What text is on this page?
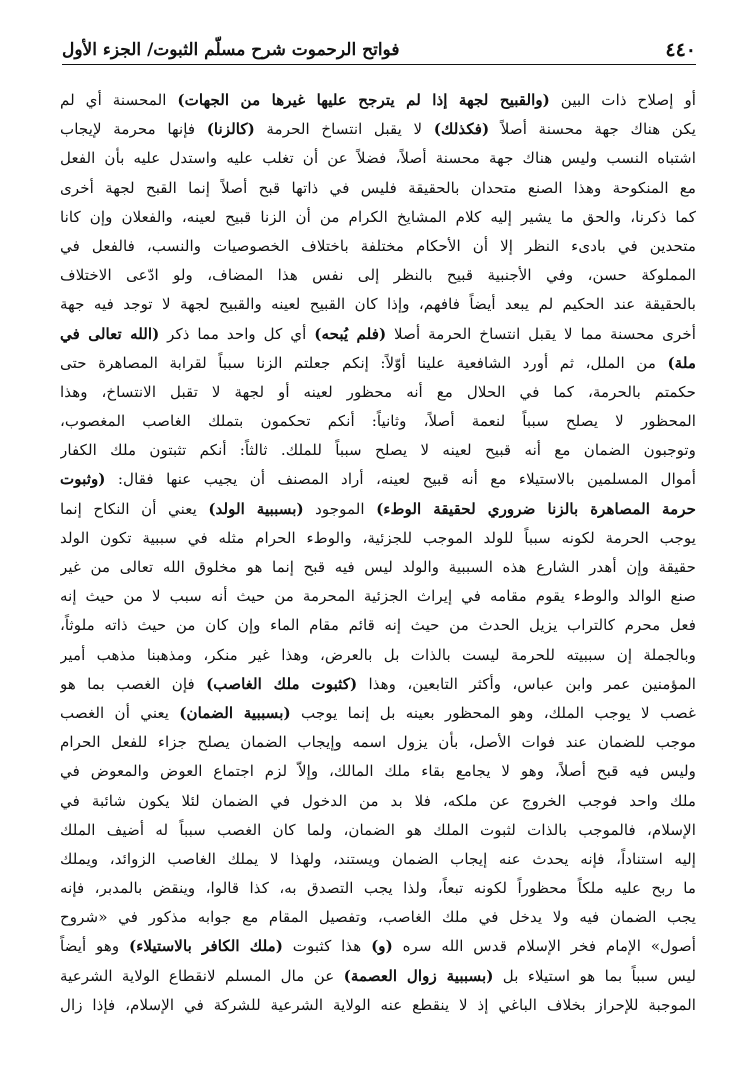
٤٤٠
فواتح الرحموت شرح مسلّم الثبوت/ الجزء الأول
أو إصلاح ذات البين (والقبيح لجهة إذا لم يترجح عليها غيرها من الجهات) المحسنة أي لم
يكن هناك جهة محسنة أصلاً (فكذلك) لا يقبل انتساخ الحرمة (كالزنا) فإنها محرمة لإيجاب
اشتباه النسب وليس هناك جهة محسنة أصلاً، فضلاً عن أن تغلب عليه واستدل عليه بأن الفعل
مع المنكوحة وهذا الصنع متحدان بالحقيقة فليس في ذاتها قبح أصلاً إنما القبح لجهة أخرى
كما ذكرنا، والحق ما يشير إليه كلام المشايخ الكرام من أن الزنا قبيح لعينه، والفعلان وإن كانا
متحدين في بادىء النظر إلا أن الأحكام مختلفة باختلاف الخصوصيات والنسب، فالفعل في
المملوكة حسن، وفي الأجنبية قبيح بالنظر إلى نفس هذا المضاف، ولو ادّعى الاختلاف
بالحقيقة عند الحكيم لم يبعد أيضاً فافهم، وإذا كان القبيح لعينه والقبيح لجهة لا توجد فيه جهة
أخرى محسنة مما لا يقبل انتساخ الحرمة أصلا (فلم يُبحه) أي كل واحد مما ذكر (الله تعالى في
ملة) من الملل، ثم أورد الشافعية علينا أوّلاً: إنكم جعلتم الزنا سبباً لقرابة المصاهرة حتى
حكمتم بالحرمة، كما في الحلال مع أنه محظور لعينه أو لجهة لا تقبل الانتساخ، وهذا
المحظور لا يصلح سبباً لنعمة أصلاً، وثانياً: أنكم تحكمون بتملك الغاصب المغصوب،
وتوجبون الضمان مع أنه قبيح لعينه لا يصلح سبباً للملك. ثالثاً: أنكم تثبتون ملك الكفار
أموال المسلمين بالاستيلاء مع أنه قبيح لعينه، أراد المصنف أن يجيب عنها فقال: (وثبوت
حرمة المصاهرة بالزنا ضروري لحقيقة الوطء) الموجود (بسببية الولد) يعني أن النكاح إنما
يوجب الحرمة لكونه سبباً للولد الموجب للجزئية، والوطء الحرام مثله في سببية تكون الولد
حقيقة وإن أهدر الشارع هذه السببية والولد ليس فيه قبح إنما هو مخلوق الله تعالى من غير
صنع الوالد والوطء يقوم مقامه في إيراث الجزئية المحرمة من حيث أنه سبب لا من حيث إنه
فعل محرم كالتراب يزيل الحدث من حيث إنه قائم مقام الماء وإن كان من حيث ذاته ملوثاً،
وبالجملة إن سببيته للحرمة ليست بالذات بل بالعرض، وهذا غير منكر، ومذهبنا مذهب أمير
المؤمنين عمر وابن عباس، وأكثر التابعين، وهذا (كثبوت ملك الغاصب) فإن الغصب بما هو
غصب لا يوجب الملك، وهو المحظور بعينه بل إنما يوجب (بسببية الضمان) يعني أن الغصب
موجب للضمان عند فوات الأصل، بأن يزول اسمه وإيجاب الضمان يصلح جزاء للفعل الحرام
وليس فيه قبح أصلاً، وهو لا يجامع بقاء ملك المالك، وإلاّ لزم اجتماع العوض والمعوض في
ملك واحد فوجب الخروج عن ملكه، فلا بد من الدخول في الضمان لئلا يكون شائبة في
الإسلام، فالموجب بالذات لثبوت الملك هو الضمان، ولما كان الغصب سبباً له أضيف الملك
إليه استناداً، فإنه يحدث عنه إيجاب الضمان ويستند، ولهذا لا يملك الغاصب الزوائد، ويملك
ما ربح عليه ملكاً محظوراً لكونه تبعاً، ولذا يجب التصدق به، كذا قالوا، وينقض بالمدبر، فإنه
يجب الضمان فيه ولا يدخل في ملك الغاصب، وتفصيل المقام مع جوابه مذكور في «شروح
أصول» الإمام فخر الإسلام قدس الله سره (و) هذا كثبوت (ملك الكافر بالاستيلاء) وهو أيضاً
ليس سبباً بما هو استيلاء بل (بسببية زوال العصمة) عن مال المسلم لانقطاع الولاية الشرعية
الموجبة للإحراز بخلاف الباغي إذ لا ينقطع عنه الولاية الشرعية للشركة في الإسلام، فإذا زال
